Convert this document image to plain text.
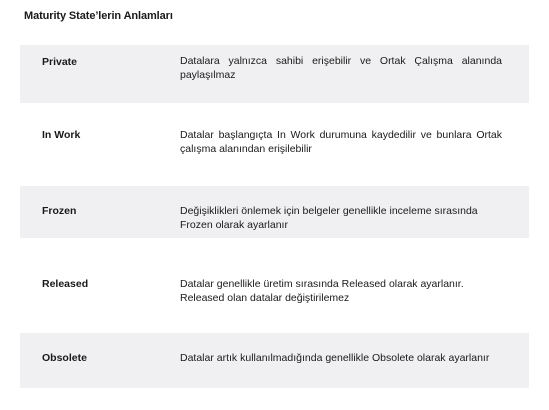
Maturity State’lerin Anlamları
Private	Datalara yalnızca sahibi erişebilir ve Ortak Çalışma alanında paylaşılmaz
In Work	Datalar başlangıçta In Work durumuna kaydedilir ve bunlara Ortak çalışma alanından erişilebilir
Frozen	Değişiklikleri önlemek için belgeler genellikle inceleme sırasında Frozen olarak ayarlanır
Released	Datalar genellikle üretim sırasında Released olarak ayarlanır. Released olan datalar değiştirilemez
Obsolete	Datalar artık kullanılmadığında genellikle Obsolete olarak ayarlanır
